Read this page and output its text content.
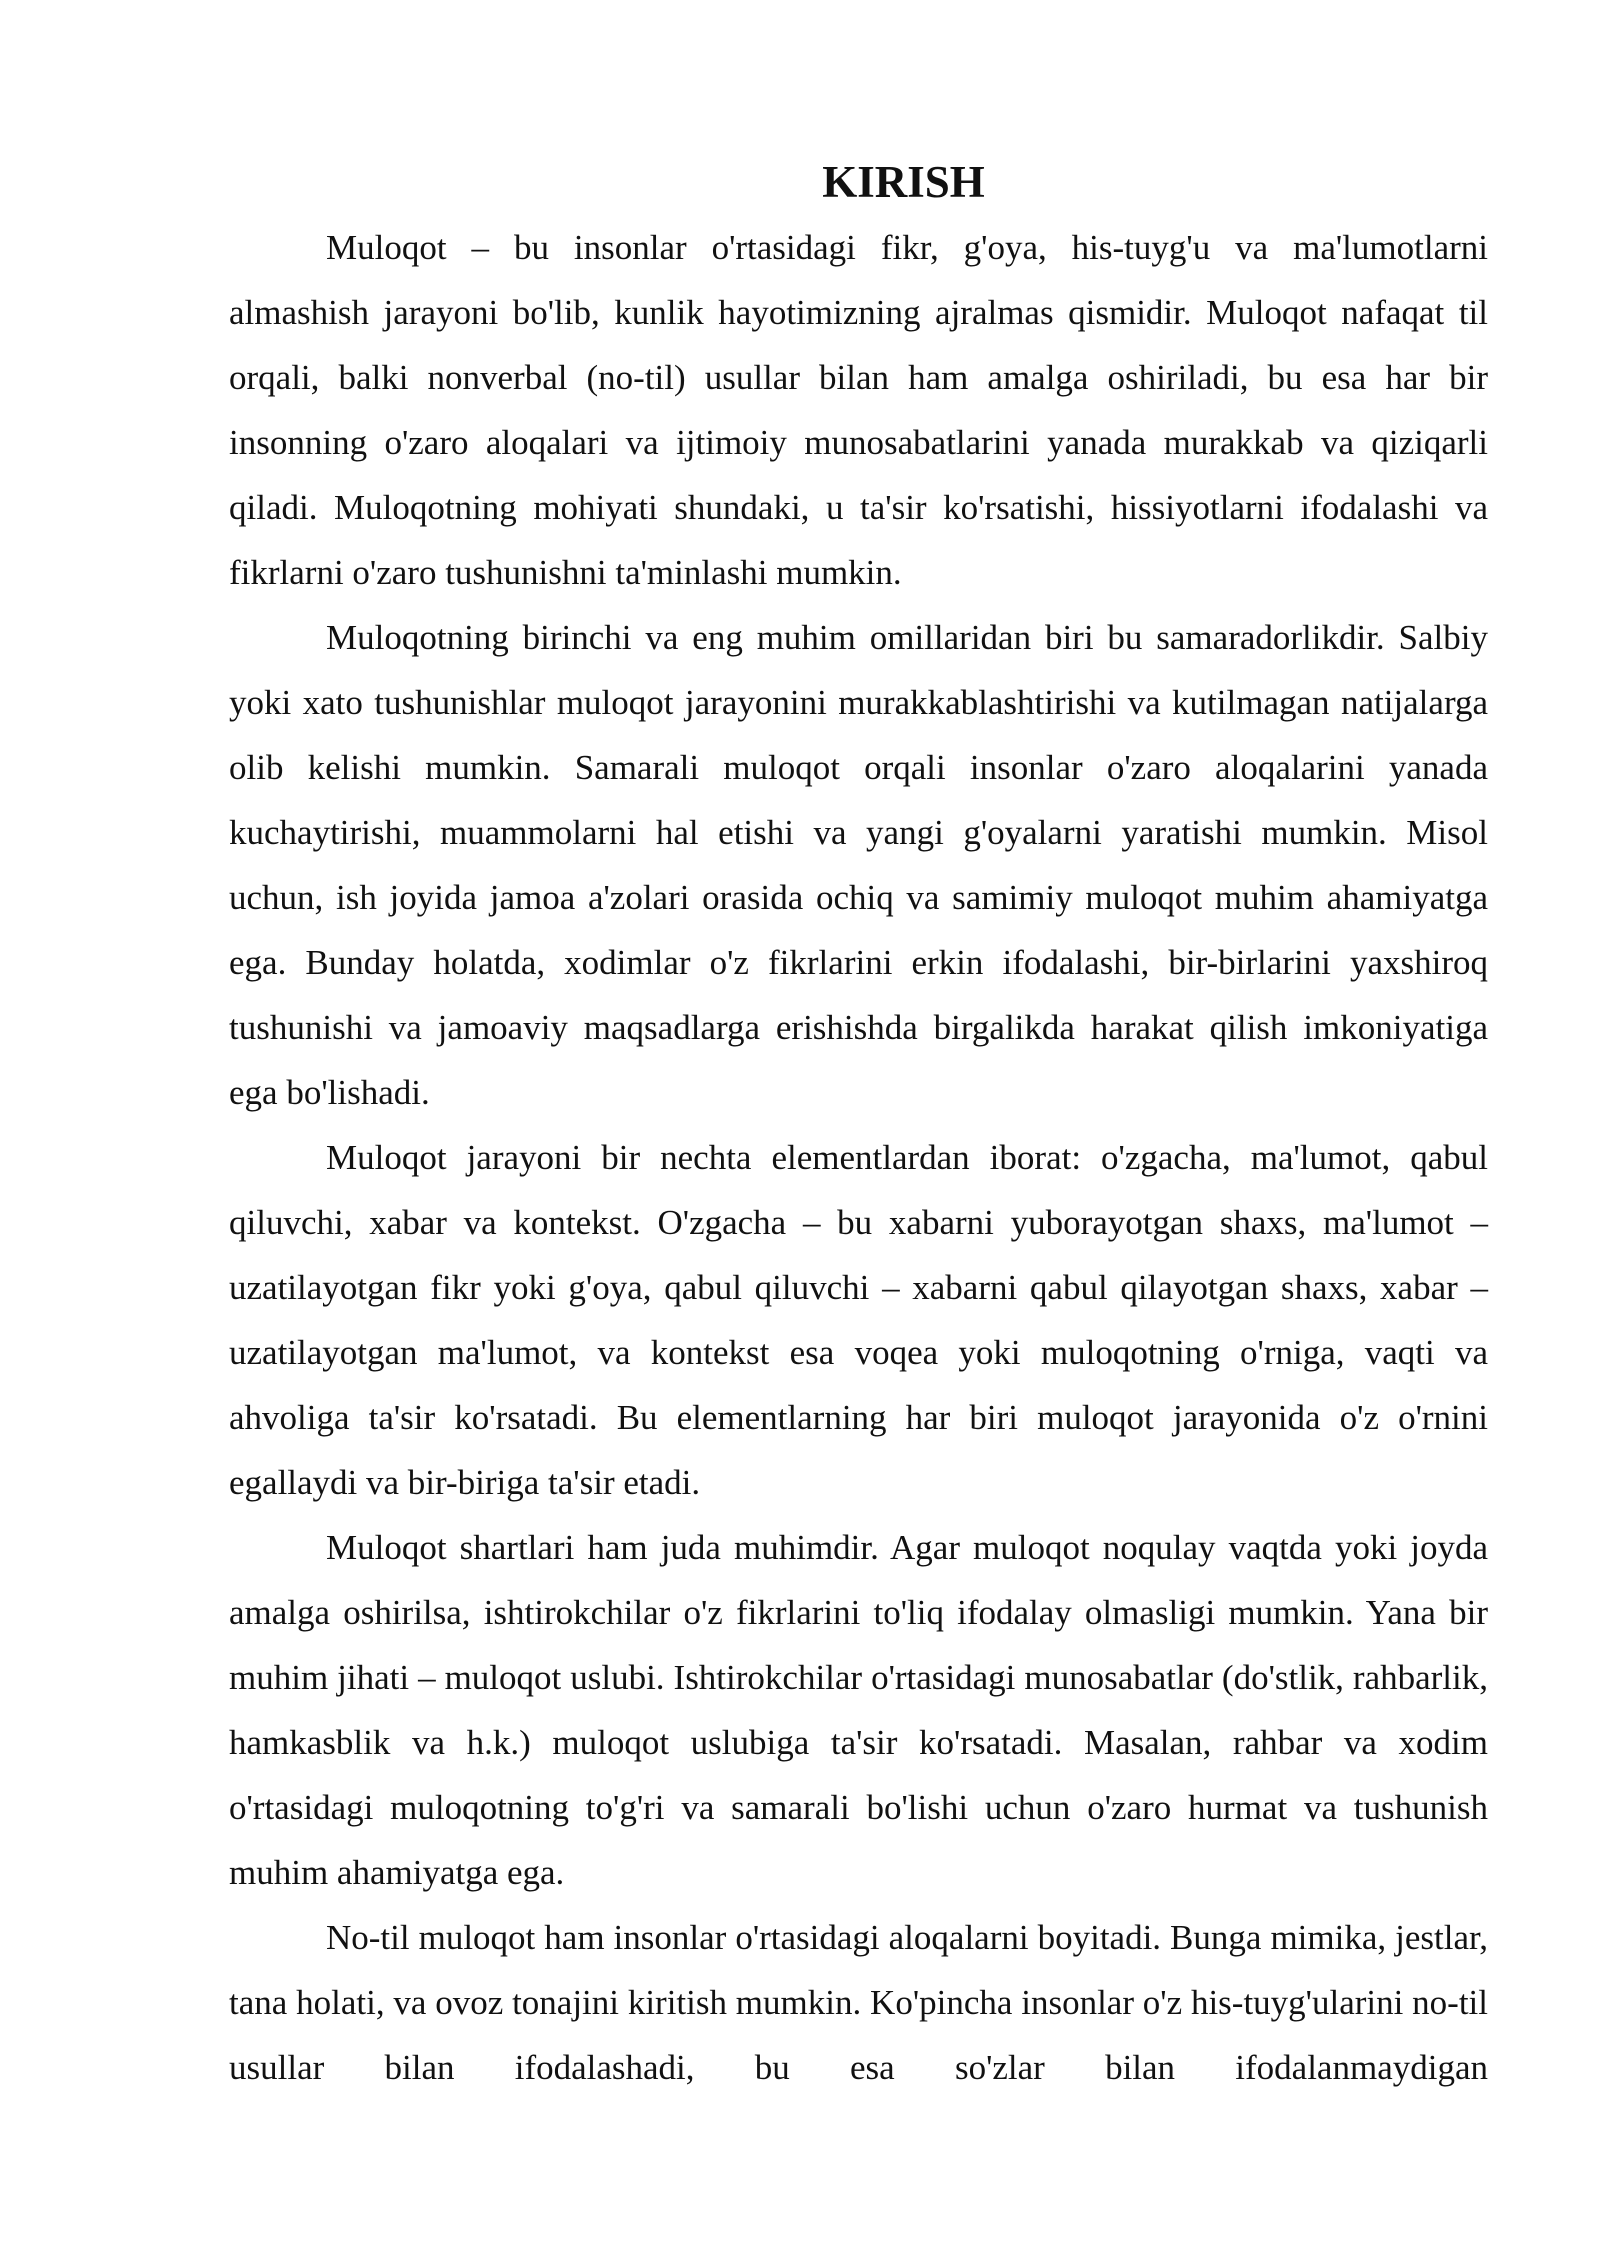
KIRISH

Muloqot – bu insonlar o'rtasidagi fikr, g'oya, his-tuyg'u va ma'lumotlarni almashish jarayoni bo'lib, kunlik hayotimizning ajralmas qismidir. Muloqot nafaqat til orqali, balki nonverbal (no-til) usullar bilan ham amalga oshiriladi, bu esa har bir insonning o'zaro aloqalari va ijtimoiy munosabatlarini yanada murakkab va qiziqarli qiladi. Muloqotning mohiyati shundaki, u ta'sir ko'rsatishi, hissiyotlarni ifodalashi va fikrlarni o'zaro tushunishni ta'minlashi mumkin.

Muloqotning birinchi va eng muhim omillaridan biri bu samaradorlikdir. Salbiy yoki xato tushunishlar muloqot jarayonini murakkablashtirishi va kutilmagan natijalarga olib kelishi mumkin. Samarali muloqot orqali insonlar o'zaro aloqalarini yanada kuchaytirishi, muammolarni hal etishi va yangi g'oyalarni yaratishi mumkin. Misol uchun, ish joyida jamoa a'zolari orasida ochiq va samimiy muloqot muhim ahamiyatga ega. Bunday holatda, xodimlar o'z fikrlarini erkin ifodalashi, bir-birlarini yaxshiroq tushunishi va jamoaviy maqsadlarga erishishda birgalikda harakat qilish imkoniyatiga ega bo'lishadi.

Muloqot jarayoni bir nechta elementlardan iborat: o'zgacha, ma'lumot, qabul qiluvchi, xabar va kontekst. O'zgacha – bu xabarni yuborayotgan shaxs, ma'lumot – uzatilayotgan fikr yoki g'oya, qabul qiluvchi – xabarni qabul qilayotgan shaxs, xabar – uzatilayotgan ma'lumot, va kontekst esa voqea yoki muloqotning o'rniga, vaqti va ahvoliga ta'sir ko'rsatadi. Bu elementlarning har biri muloqot jarayonida o'z o'rnini egallaydi va bir-biriga ta'sir etadi.

Muloqot shartlari ham juda muhimdir. Agar muloqot noqulay vaqtda yoki joyda amalga oshirilsa, ishtirokchilar o'z fikrlarini to'liq ifodalay olmasligi mumkin. Yana bir muhim jihati – muloqot uslubi. Ishtirokchilar o'rtasidagi munosabatlar (do'stlik, rahbarlik, hamkasblik va h.k.) muloqot uslubiga ta'sir ko'rsatadi. Masalan, rahbar va xodim o'rtasidagi muloqotning to'g'ri va samarali bo'lishi uchun o'zaro hurmat va tushunish muhim ahamiyatga ega.

No-til muloqot ham insonlar o'rtasidagi aloqalarni boyitadi. Bunga mimika, jestlar, tana holati, va ovoz tonajini kiritish mumkin. Ko'pincha insonlar o'z his-tuyg'ularini no-til usullar bilan ifodalashadi, bu esa so'zlar bilan ifodalanmaydigan
